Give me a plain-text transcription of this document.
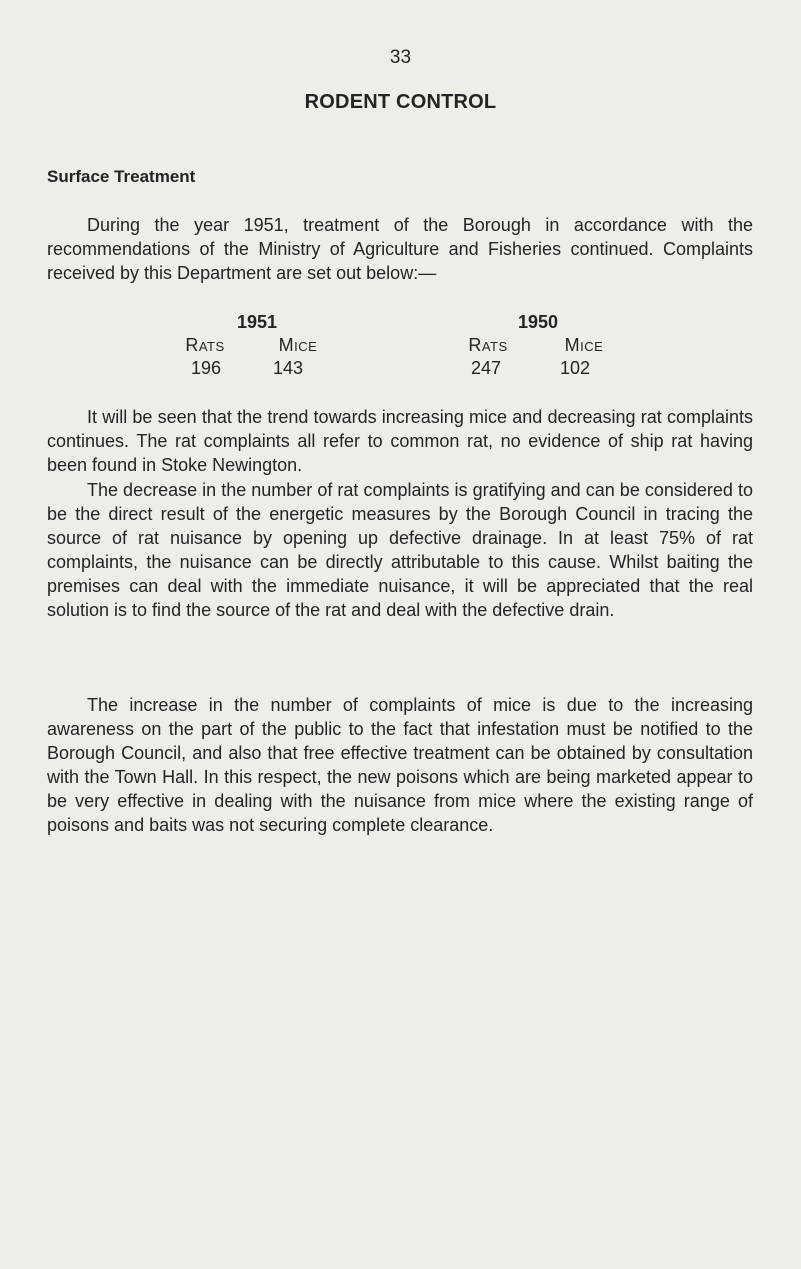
33
RODENT CONTROL
Surface Treatment

During the year 1951, treatment of the Borough in accordance with the recommendations of the Ministry of Agriculture and Fisheries continued. Complaints received by this Department are set out below:—

1951	1950
Rats	Mice	Rats	Mice
196	143	247	102

It will be seen that the trend towards increasing mice and decreasing rat complaints continues. The rat complaints all refer to common rat, no evidence of ship rat having been found in Stoke Newington.

The decrease in the number of rat complaints is gratifying and can be considered to be the direct result of the energetic measures by the Borough Council in tracing the source of rat nuisance by opening up defective drainage. In at least 75% of rat complaints, the nuisance can be directly attributable to this cause. Whilst baiting the premises can deal with the immediate nuisance, it will be appreciated that the real solution is to find the source of the rat and deal with the defective drain.

The increase in the number of complaints of mice is due to the increasing awareness on the part of the public to the fact that infestation must be notified to the Borough Council, and also that free effective treatment can be obtained by consultation with the Town Hall. In this respect, the new poisons which are being marketed appear to be very effective in dealing with the nuisance from mice where the existing range of poisons and baits was not securing complete clearance.
